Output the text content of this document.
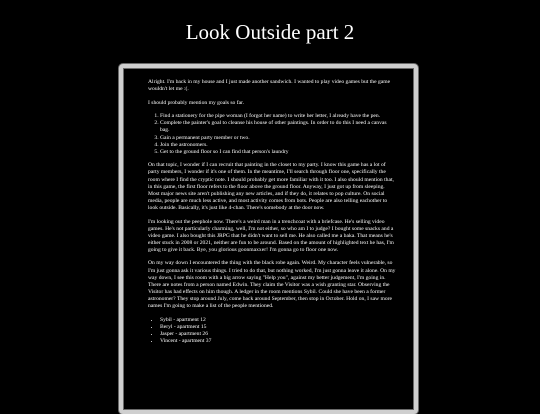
Look Outside part 2

Alright. I'm back in my house and I just made another sandwich. I wanted to play video games but the game wouldn't let me :(.

I should probably mention my goals so far.

1. Find a stationery for the pipe woman (I forgot her name) to write her letter, I already have the pen.
2. Complete the painter's goal to cleanse his house of other paintings. In order to do this I need a canvas bag.
3. Gain a permanent party member or two.
4. Join the astronomers.
5. Get to the ground floor so I can find that person's laundry

On that topic, I wonder if I can recruit that painting in the closet to my party. I know this game has a lot of party members, I wonder if it's one of them. In the meantime, I'll search through floor one, specifically the room where I find the cryptic note. I should probably get more familiar with it too. I also should mention that, in this game, the first floor refers to the floor above the ground floor. Anyway, I just got up from sleeping. Most major news site aren't publishing any new articles, and if they do, it relates to pop culture. On social media, people are much less active, and most activity comes from bots. People are also telling eachother to look outside. Basically, it's just like 4-chan. There's somebody at the door now.

I'm looking out the peephole now. There's a weird man in a trenchcoat with a briefcase. He's selling video games. He's not particularly charming, well, I'm not either, so who am I to judge? I bought some snacks and a video game. I also bought this JRPG that he didn't want to sell me. He also called me a baka. That means he's either stuck in 2008 or 2021, neither are fun to be around. Based on the amount of highlighted text he has, I'm going to give it back. Bye, you glorious goonmaxxer! I'm gonna go to floor one now.

On my way down I encountered the thing with the black robe again. Weird. My character feels vulnerable, so I'm just gonna ask it various things. I tried to do that, but nothing worked, I'm just gonna leave it alone. On my way down, I see this room with a big arrow saying "Help you", against my better judgement, I'm going in. There are notes from a person named Edwin. They claim the Visitor was a wish granting star. Observing the Visitor has had effects on him though. A ledger in the room mentions Sybil. Could she have been a former astronomer? They stop around July, come back around September, then stop in October. Hold on, I saw more names I'm going to make a list of the people mentioned.

• Sybil - apartment 12
• Beryl - apartment 15
• Jasper - apartment 26
• Vincent - apartment 37
